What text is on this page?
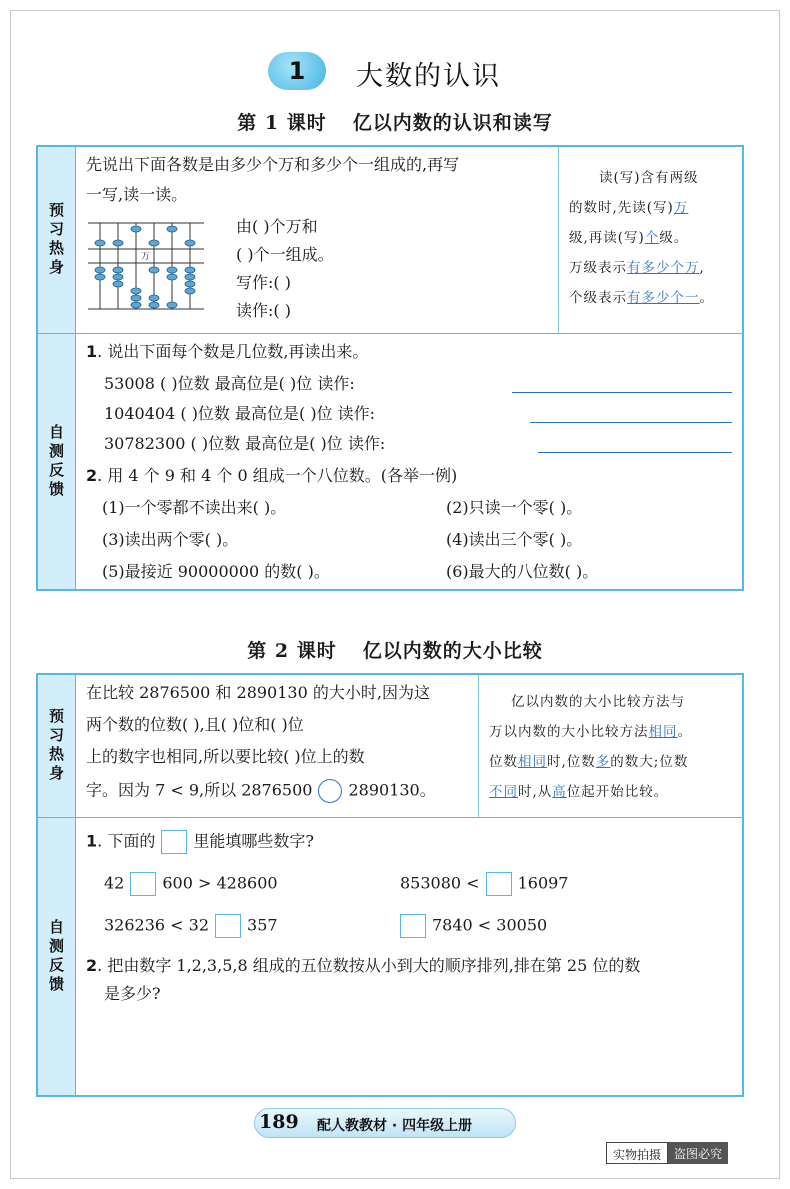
1	大数的认识
第 1 课时 亿以内数的认识和读写
预习热身
先说出下面各数是由多少个万和多少个一组成的,再写
一写,读一读。
万
由( )个万和
( )个一组成。
写作:( )
读作:( )
读(写)含有两级
的数时,先读(写)万
级,再读(写)个级。
万级表示有多少个万,
个级表示有多少个一。
自测反馈
1. 说出下面每个数是几位数,再读出来。
53008 ( )位数 最高位是( )位 读作:
1040404 ( )位数 最高位是( )位 读作:
30782300 ( )位数 最高位是( )位 读作:
2. 用 4 个 9 和 4 个 0 组成一个八位数。(各举一例)
(1)一个零都不读出来( )。	(2)只读一个零( )。
(3)读出两个零( )。	(4)读出三个零( )。
(5)最接近 90000000 的数( )。	(6)最大的八位数( )。
第 2 课时 亿以内数的大小比较
预习热身
在比较 2876500 和 2890130 的大小时,因为这
两个数的位数( ),且( )位和( )位
上的数字也相同,所以要比较( )位上的数
字。因为 7 < 9,所以 2876500 2890130。
亿以内数的大小比较方法与
万以内数的大小比较方法相同。
位数相同时,位数多的数大;位数
不同时,从高位起开始比较。
自测反馈
1. 下面的 里能填哪些数字?
42 600 > 428600	853080 < 16097
326236 < 32 357	7840 < 30050
2. 把由数字 1,2,3,5,8 组成的五位数按从小到大的顺序排列,排在第 25 位的数
是多少?
189 配人教教材 · 四年级上册
实物拍摄	盗图必究
